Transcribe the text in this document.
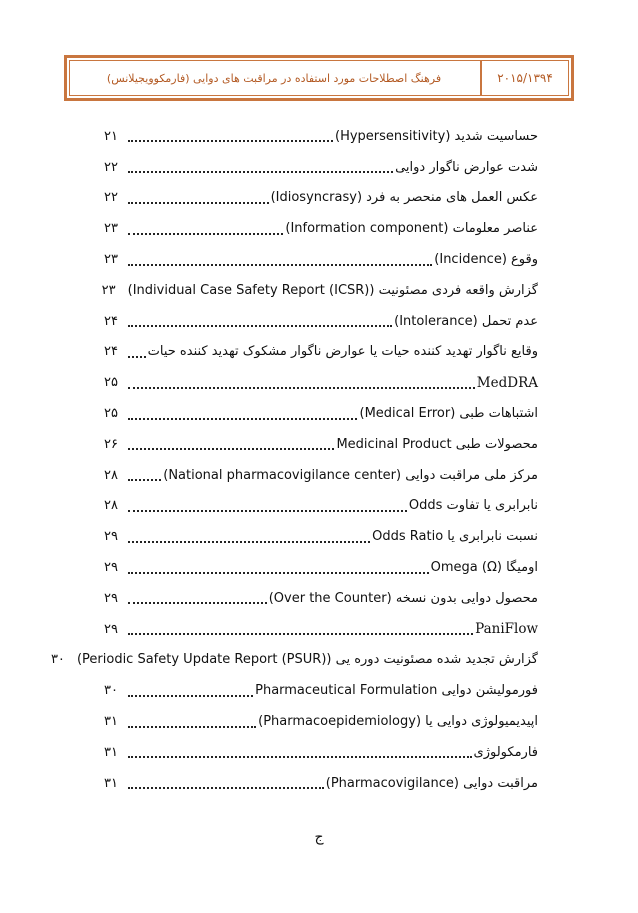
۲۰۱۵/۱۳۹۴
فرهنگ اصطلاحات مورد استفاده در مراقبت های دوایی (فارمکوویجیلانس)
حساسیت شدید (Hypersensitivity)
۲۱
شدت عوارض ناگوار دوایی
۲۲
عکس العمل های منحصر به فرد (Idiosyncrasy)
۲۲
عناصر معلومات (Information component)
۲۳
وقوع (Incidence)
۲۳
گزارش واقعه فردی مصئونیت (Individual Case Safety Report (ICSR))
۲۳
عدم تحمل (Intolerance)
۲۴
وقایع ناگوار تهدید کننده حیات یا عوارض ناگوار مشکوک تهدید کننده حیات
۲۴
MedDRA
۲۵
اشتباهات طبی (Medical Error)
۲۵
محصولات طبی Medicinal Product
۲۶
مرکز ملی مراقبت دوایی (National pharmacovigilance center)
۲۸
نابرابری یا تفاوت Odds
۲۸
نسبت نابرابری یا Odds Ratio
۲۹
اومیگا (Ω) Omega
۲۹
محصول دوایی بدون نسخه (Over the Counter)
۲۹
PaniFlow
۲۹
گزارش تجدید شده مصئونیت دوره یی (Periodic Safety Update Report (PSUR))
۳۰
فورمولیشن دوایی Pharmaceutical Formulation
۳۰
اپیدیمیولوژی دوایی یا (Pharmacoepidemiology)
۳۱
فارمکولوژی
۳۱
مراقبت دوایی (Pharmacovigilance)
۳۱
ج
